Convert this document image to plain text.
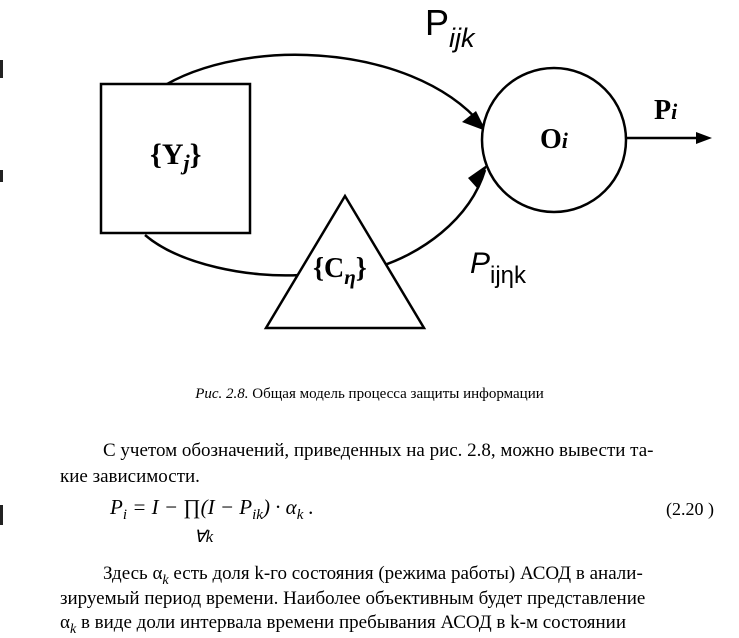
$P_{ijk}$
$P_{ij\eta k}$
$\{Y_j\}$
$\{C_\eta\}$
Oi
Pi
Рис. 2.8. Общая модель процесса защиты информации
С учетом обозначений, приведенных на рис. 2.8, можно вывести та-
кие зависимости.
$P_i = I$ − ∏(I − $P_{ik}) \cdot \alpha_k$ .
∀k
(2.20 )
Здесь $\alpha_k$ есть доля k-го состояния (режима работы) АСОД в анали-
зируемый период времени. Наиболее объективным будет представление
$\alpha_k$ в виде доли интервала времени пребывания АСОД в k-м состоянии
